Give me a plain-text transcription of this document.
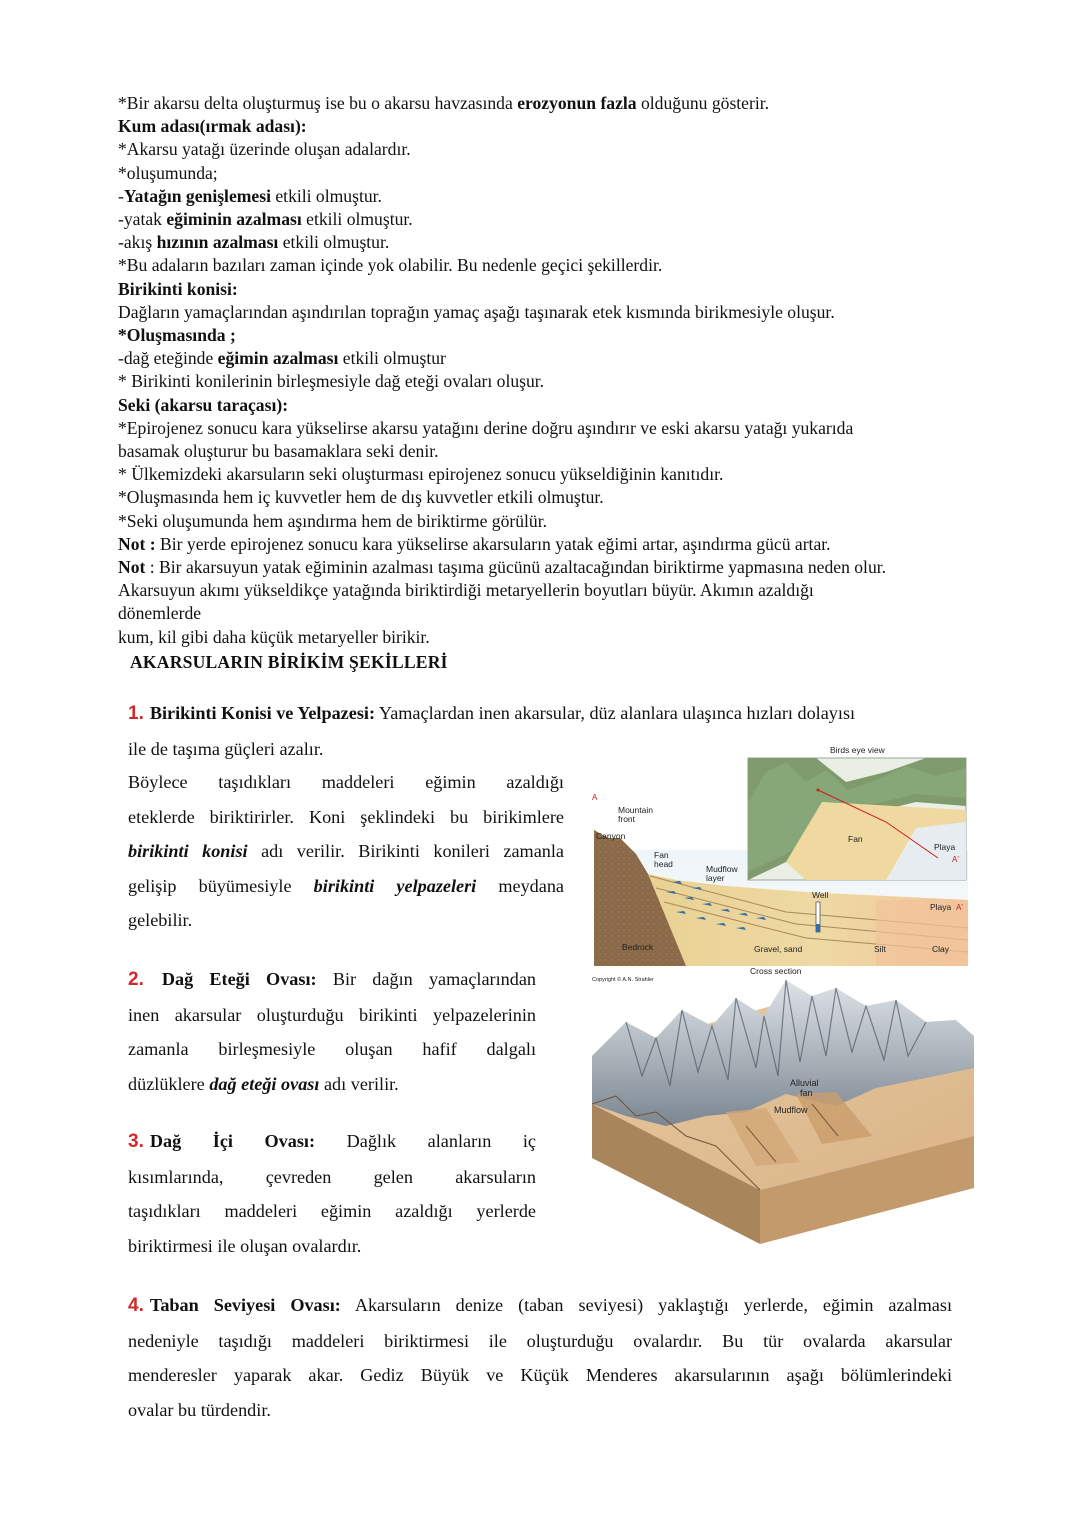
*Bir akarsu delta oluşturmuş ise bu o akarsu havzasında erozyonun fazla olduğunu gösterir.

Kum adası(ırmak adası):

*Akarsu yatağı üzerinde oluşan adalardır.

*oluşumunda;

-Yatağın genişlemesi etkili olmuştur.

-yatak eğiminin azalması etkili olmuştur.

-akış hızının azalması etkili olmuştur.

*Bu adaların bazıları zaman içinde yok olabilir. Bu nedenle geçici şekillerdir.

Birikinti konisi:

Dağların yamaçlarından aşındırılan toprağın yamaç aşağı taşınarak etek kısmında birikmesiyle oluşur.

*Oluşmasında ;

-dağ eteğinde eğimin azalması etkili olmuştur

* Birikinti konilerinin birleşmesiyle dağ eteği ovaları oluşur.

Seki (akarsu taraçası):

*Epirojenez sonucu kara yükselirse akarsu yatağını derine doğru aşındırır ve eski akarsu yatağı yukarıda

basamak oluşturur bu basamaklara seki denir.

* Ülkemizdeki akarsuların seki oluşturması epirojenez sonucu yükseldiğinin kanıtıdır.

*Oluşmasında hem iç kuvvetler hem de dış kuvvetler etkili olmuştur.

*Seki oluşumunda hem aşındırma hem de biriktirme görülür.

Not : Bir yerde epirojenez sonucu kara yükselirse akarsuların yatak eğimi artar, aşındırma gücü artar.

Not : Bir akarsuyun yatak eğiminin azalması taşıma gücünü azaltacağından biriktirme yapmasına neden olur.

Akarsuyun akımı yükseldikçe yatağında biriktirdiği metaryellerin boyutları büyür. Akımın azaldığı

dönemlerde

kum, kil gibi daha küçük metaryeller birikir.

AKARSULARIN BİRİKİM ŞEKİLLERİ
1. Birikinti Konisi ve Yelpazesi: Yamaçlardan inen akarsular, düz alanlara ulaşınca hızları dolayısı
ile de taşıma güçleri azalır.
Böylece taşıdıkları maddeleri eğimin azaldığı
eteklerde biriktirirler. Koni şeklindeki bu birikimlere
birikinti konisi adı verilir. Birikinti konileri zamanla
gelişip büyümesiyle birikinti yelpazeleri meydana
gelebilir.
2. Dağ Eteği Ovası: Bir dağın yamaçlarından
inen akarsular oluşturduğu birikinti yelpazelerinin
zamanla birleşmesiyle oluşan hafif dalgalı
düzlüklere dağ eteği ovası adı verilir.
3. Dağ İçi Ovası: Dağlık alanların iç
kısımlarında, çevreden gelen akarsuların
taşıdıkları maddeleri eğimin azaldığı yerlerde
biriktirmesi ile oluşan ovalardır.
4. Taban Seviyesi Ovası: Akarsuların denize (taban seviyesi) yaklaştığı yerlerde, eğimin azalması
nedeniyle taşıdığı maddeleri biriktirmesi ile oluşturduğu ovalardır. Bu tür ovalarda akarsular
menderesler yaparak akar. Gediz Büyük ve Küçük Menderes akarsularının aşağı bölümlerindeki
ovalar bu türdendir.
Birds eye view
A
Mountain
front
Canyon
Fan
head	Mudflow
layer
Fan
Playa
A'
Well
Playa A'
Bedrock	Gravel, sand	Silt	Clay
Cross section
Copyright © A.N. Strahler
Alluvial
fan
Mudflow
